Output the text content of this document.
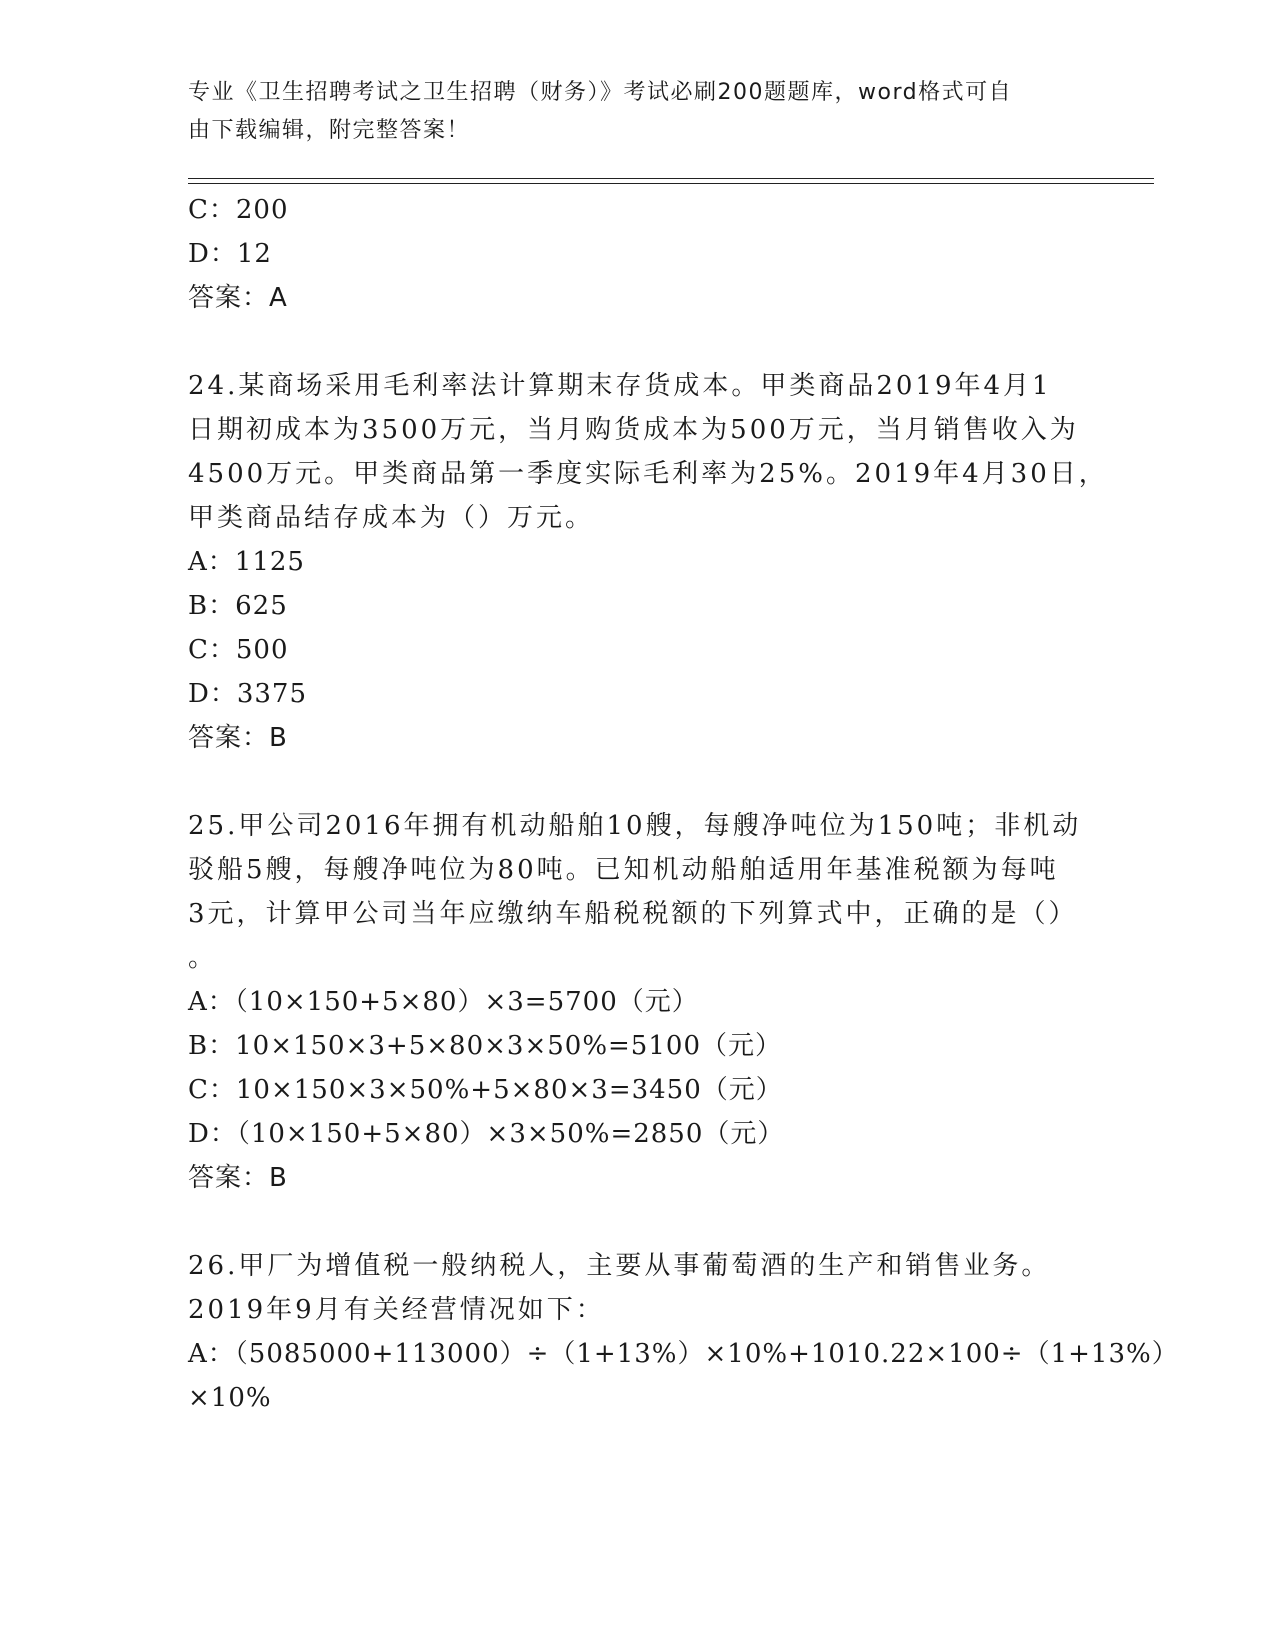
专业《卫生招聘考试之卫生招聘（财务）》考试必刷200题题库，word格式可自
由下载编辑，附完整答案！
C：200
D：12
答案：A
24.某商场采用毛利率法计算期末存货成本。甲类商品2019年4月1
日期初成本为3500万元，当月购货成本为500万元，当月销售收入为
4500万元。甲类商品第一季度实际毛利率为25%。2019年4月30日，
甲类商品结存成本为（）万元。
A：1125
B：625
C：500
D：3375
答案：B
25.甲公司2016年拥有机动船舶10艘，每艘净吨位为150吨；非机动
驳船5艘，每艘净吨位为80吨。已知机动船舶适用年基准税额为每吨
3元，计算甲公司当年应缴纳车船税税额的下列算式中，正确的是（）
。
A：（10×150+5×80）×3=5700（元）
B：10×150×3+5×80×3×50%=5100（元）
C：10×150×3×50%+5×80×3=3450（元）
D：（10×150+5×80）×3×50%=2850（元）
答案：B
26.甲厂为增值税一般纳税人，主要从事葡萄酒的生产和销售业务。
2019年9月有关经营情况如下：
A：（5085000+113000）÷（1+13%）×10%+1010.22×100÷（1+13%）
×10%
